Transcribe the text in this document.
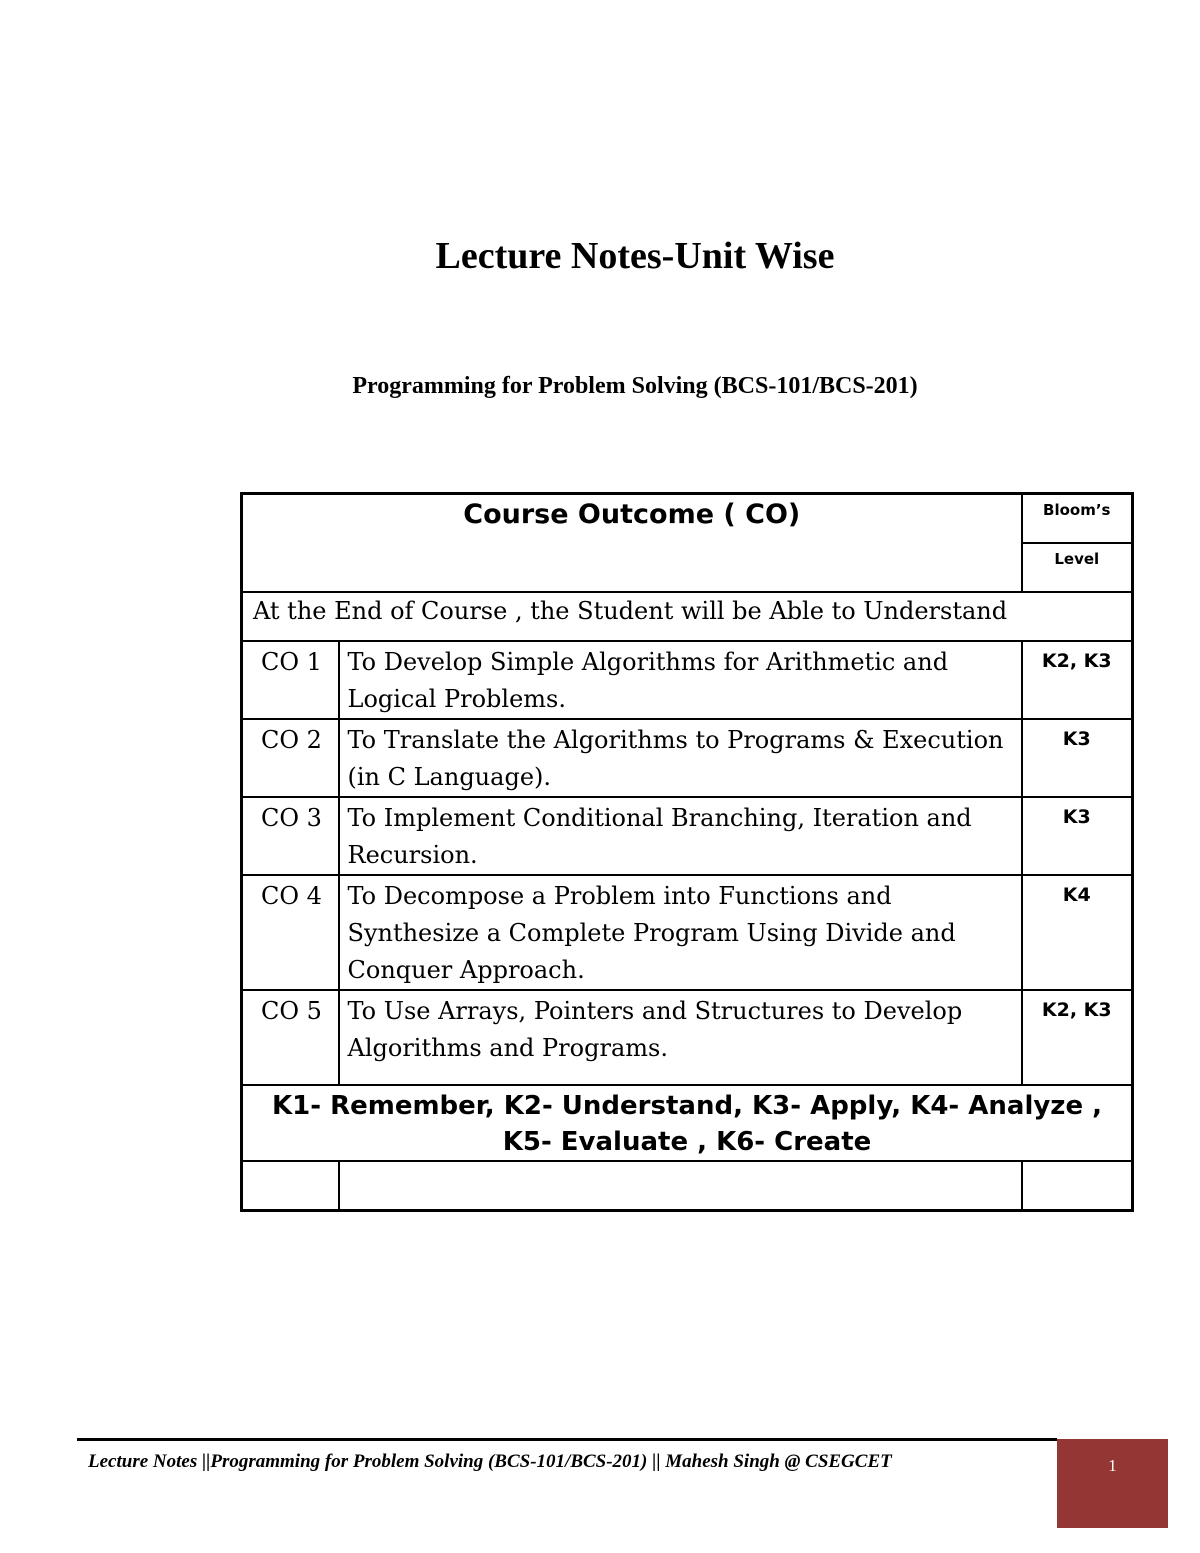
Lecture Notes-Unit Wise
Programming for Problem Solving (BCS-101/BCS-201)
Course Outcome ( CO)		Bloom’s
		Level
At the End of Course , the Student will be Able to Understand		
CO 1	To Develop Simple Algorithms for Arithmetic and Logical Problems.	K2, K3
CO 2	To Translate the Algorithms to Programs & Execution (in C Language).	K3
CO 3	To Implement Conditional Branching, Iteration and Recursion.	K3
CO 4	To Decompose a Problem into Functions and Synthesize a Complete Program Using Divide and Conquer Approach.	K4
CO 5	To Use Arrays, Pointers and Structures to Develop Algorithms and Programs.	K2, K3

K1- Remember, K2- Understand, K3- Apply, K4- Analyze ,
K5- Evaluate , K6- Create		

Lecture Notes ||Programming for Problem Solving (BCS-101/BCS-201) || Mahesh Singh @ CSEGCET	1
